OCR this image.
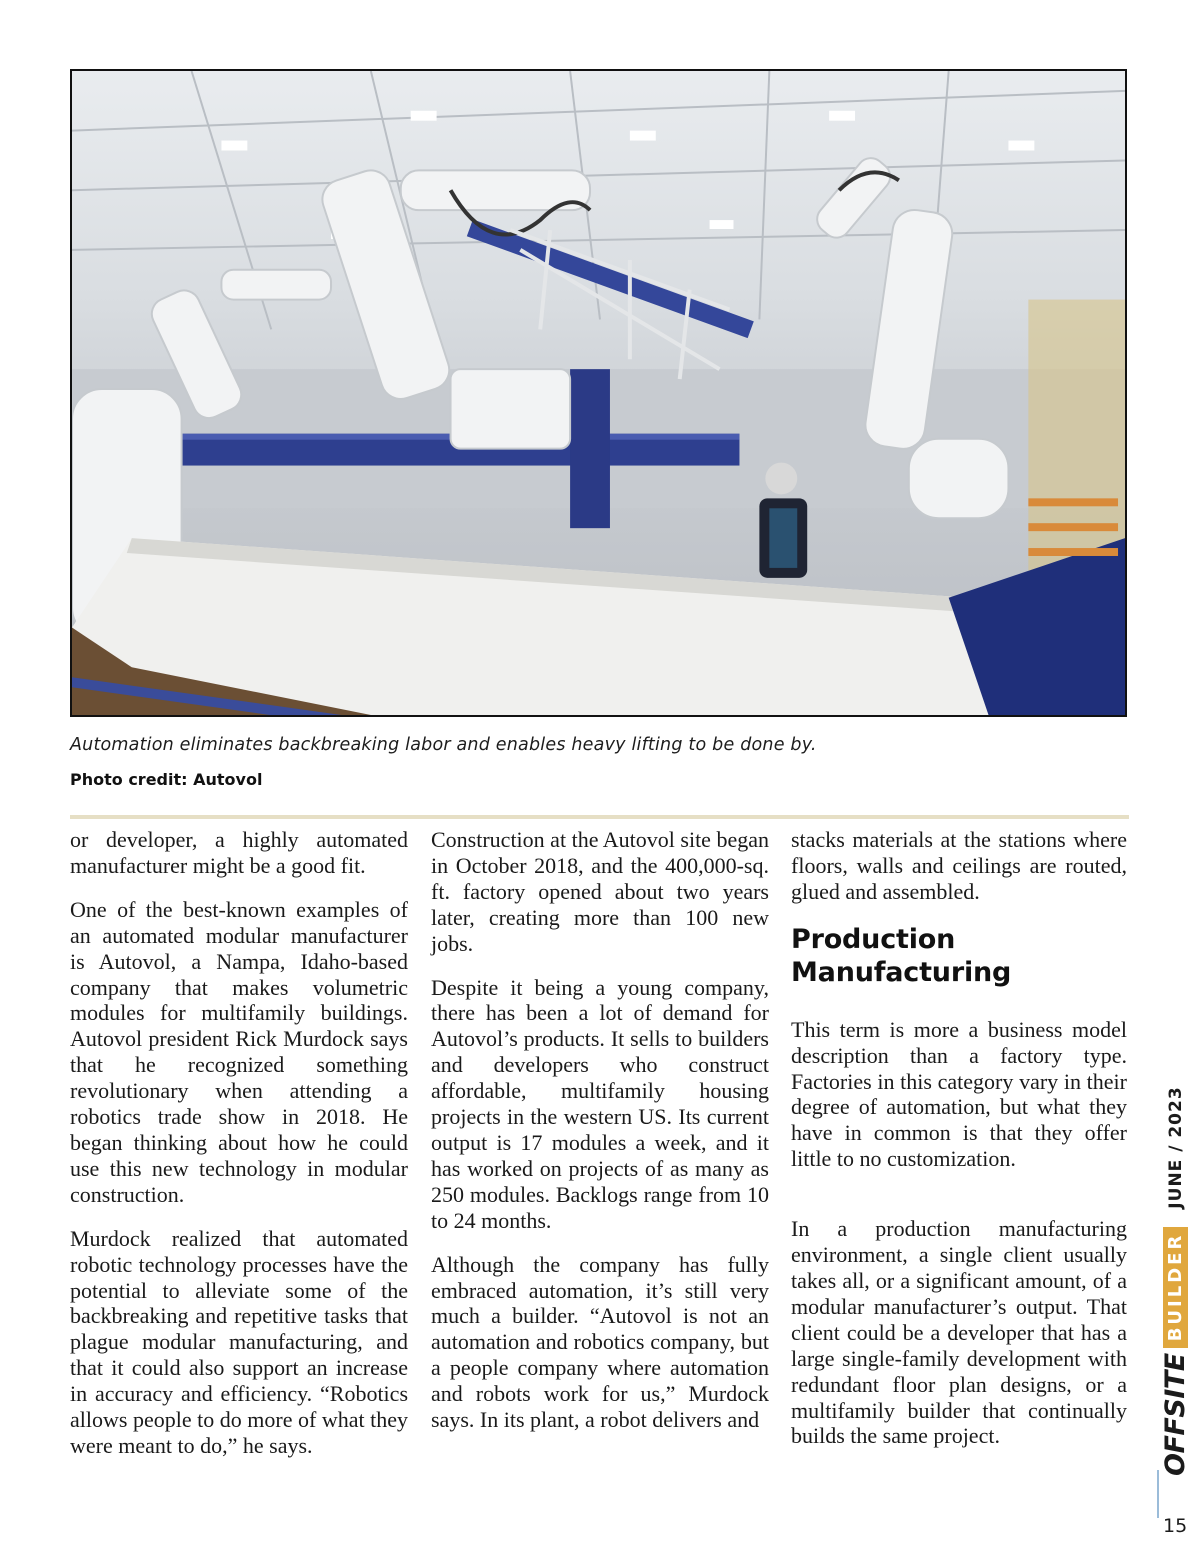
Automation eliminates backbreaking labor and enables heavy lifting to be done by.
Photo credit: Autovol

or developer, a highly automated manufacturer might be a good fit.

One of the best-known examples of an automated modular manufacturer is Autovol, a Nampa, Idaho-based company that makes volumetric modules for multifamily buildings. Autovol president Rick Murdock says that he recognized something revolutionary when attending a robotics trade show in 2018. He began thinking about how he could use this new technology in modular construction.

Murdock realized that automated robotic technology processes have the potential to alleviate some of the backbreaking and repetitive tasks that plague modular manufacturing, and that it could also support an increase in accuracy and efficiency. “Robotics allows people to do more of what they were meant to do,” he says.

Construction at the Autovol site began in October 2018, and the 400,000-sq. ft. factory opened about two years later, creating more than 100 new jobs.

Despite it being a young company, there has been a lot of demand for Autovol’s products. It sells to builders and developers who construct affordable, multifamily housing projects in the western US. Its current output is 17 modules a week, and it has worked on projects of as many as 250 modules. Backlogs range from 10 to 24 months.

Although the company has fully embraced automation, it’s still very much a builder. “Autovol is not an automation and robotics company, but a people company where automation and robots work for us,” Murdock says. In its plant, a robot delivers and

stacks materials at the stations where floors, walls and ceilings are routed, glued and assembled.

Production Manufacturing

This term is more a business model description than a factory type. Factories in this category vary in their degree of automation, but what they have in common is that they offer little to no customization.

In a production manufacturing environment, a single client usually takes all, or a significant amount, of a modular manufacturer’s output. That client could be a developer that has a large single-family development with redundant floor plan designs, or a multifamily builder that continually builds the same project.	OFFSITE
BUILDER
JUNE / 2023
15
